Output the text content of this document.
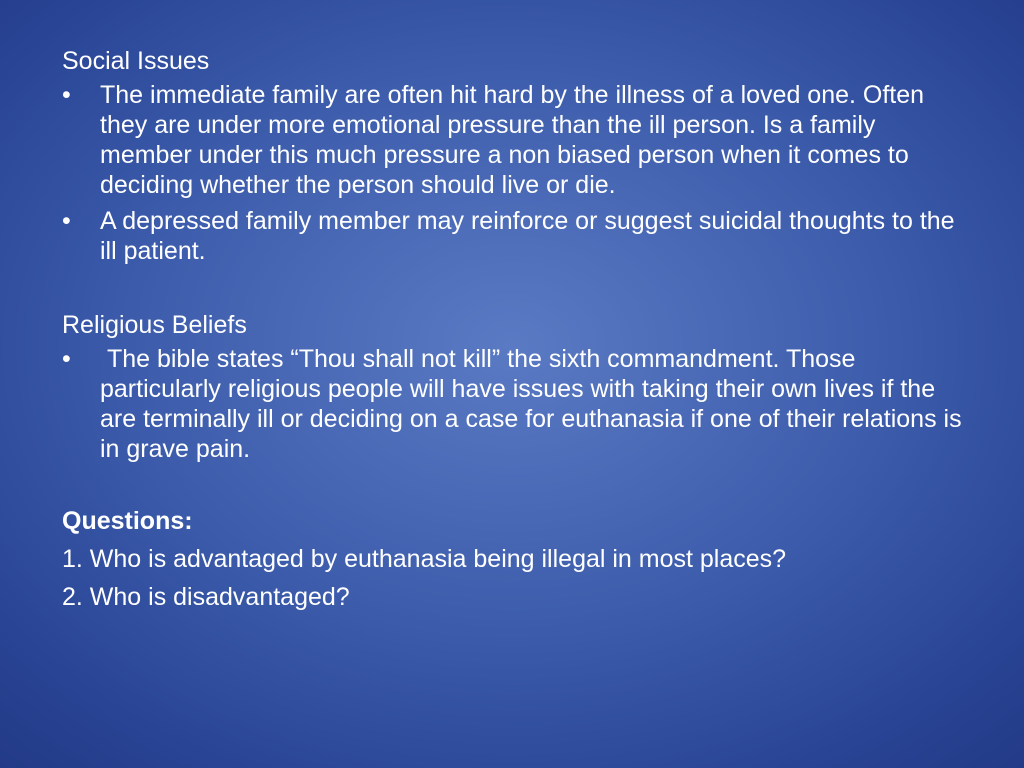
Social Issues
•	The immediate family are often hit hard by the illness of a loved one. Often they are under more emotional pressure than the ill person. Is a family member under this much pressure a non biased person when it comes to deciding whether the person should live or die.
•	A depressed family member may reinforce or suggest suicidal thoughts to the ill patient.
Religious Beliefs
•	The bible states “Thou shall not kill” the sixth commandment. Those particularly religious people will have issues with taking their own lives if the are terminally ill or deciding on a case for euthanasia if one of their relations is in grave pain.
Questions:
1. Who is advantaged by euthanasia being illegal in most places?
2. Who is disadvantaged?
